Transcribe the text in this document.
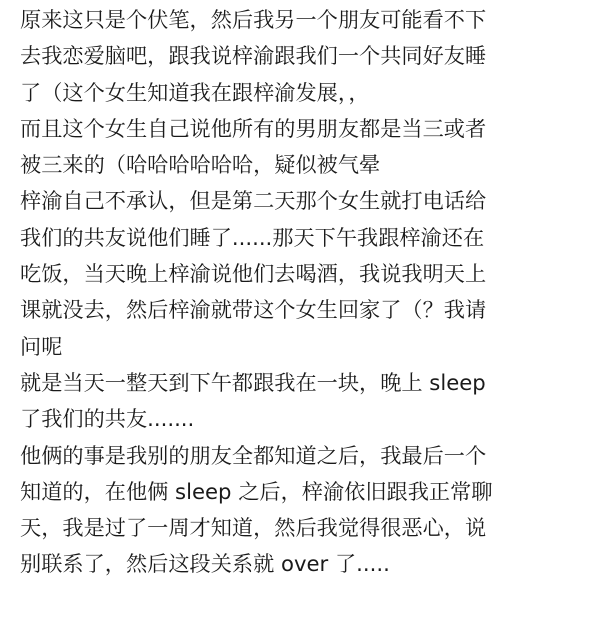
原来这只是个伏笔，然后我另一个朋友可能看不下
去我恋爱脑吧，跟我说梓渝跟我们一个共同好友睡
了（这个女生知道我在跟梓渝发展，，
而且这个女生自己说他所有的男朋友都是当三或者
被三来的（哈哈哈哈哈哈，疑似被气晕
梓渝自己不承认，但是第二天那个女生就打电话给
我们的共友说他们睡了......那天下午我跟梓渝还在
吃饭，当天晚上梓渝说他们去喝酒，我说我明天上
课就没去，然后梓渝就带这个女生回家了（？我请
问呢
就是当天一整天到下午都跟我在一块，晚上 sleep
了我们的共友.......
他俩的事是我别的朋友全都知道之后，我最后一个
知道的，在他俩 sleep 之后，梓渝依旧跟我正常聊
天，我是过了一周才知道，然后我觉得很恶心，说
别联系了，然后这段关系就 over 了.....
